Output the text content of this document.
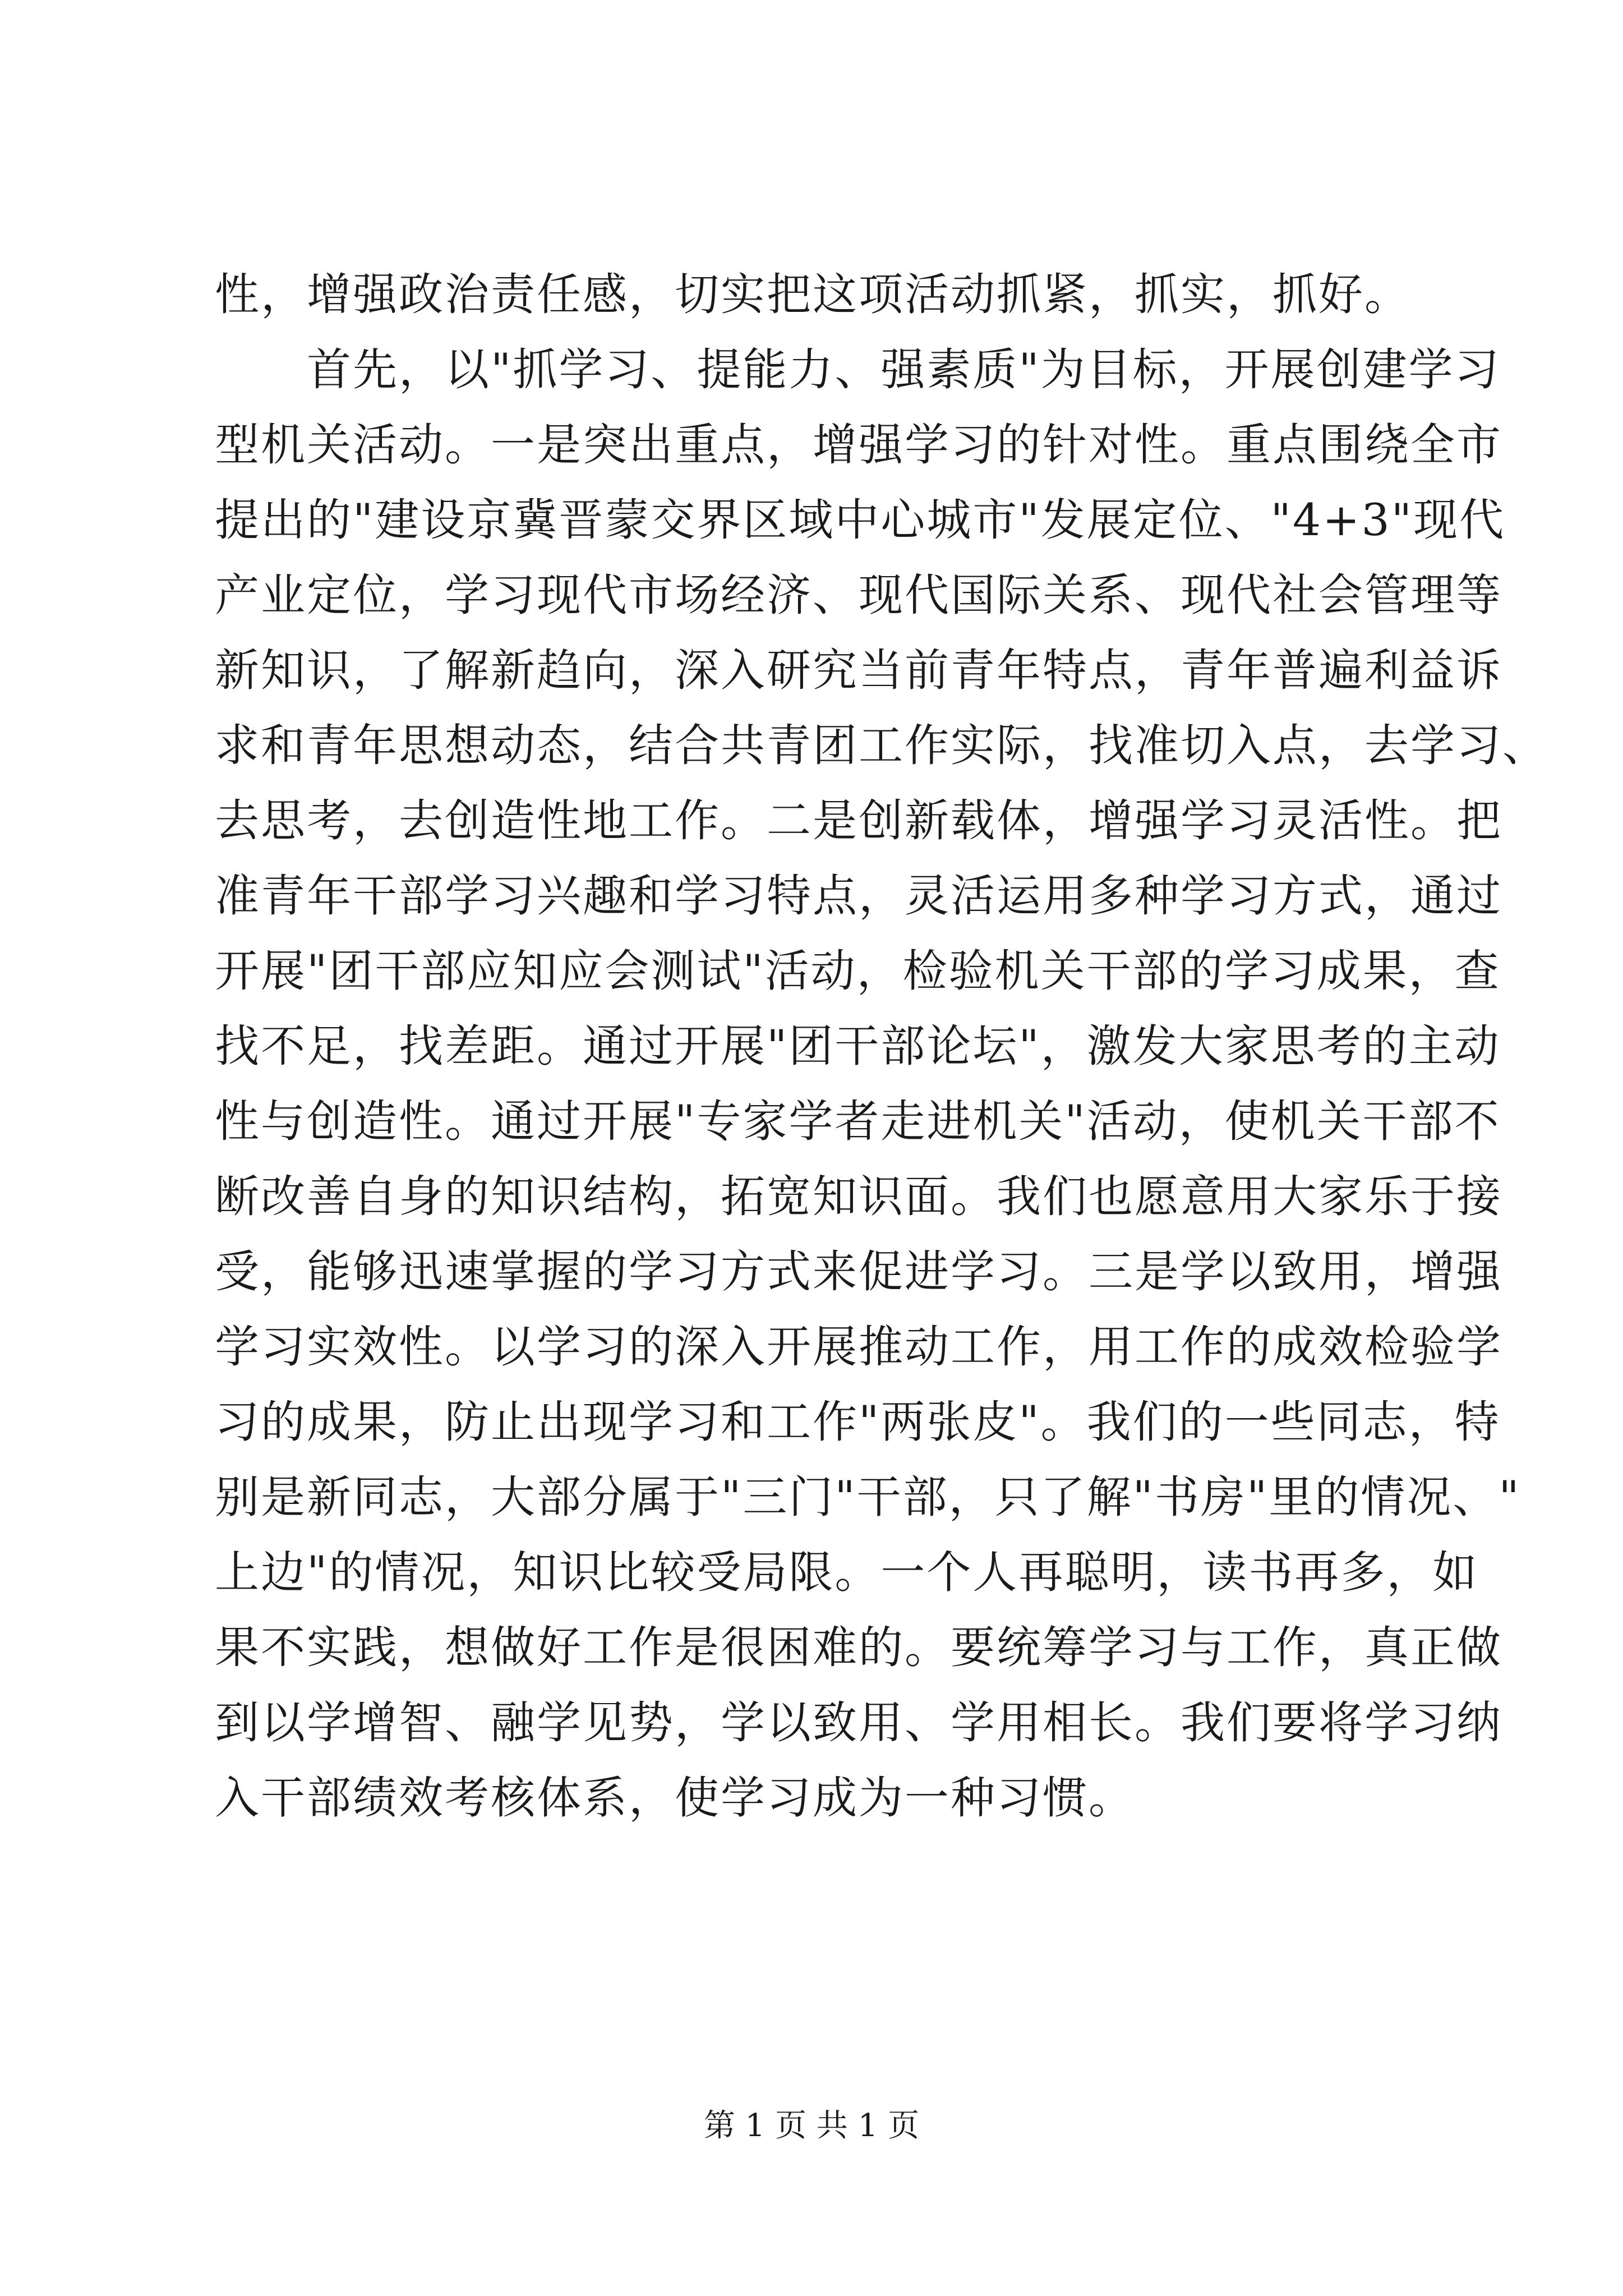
性，增强政治责任感，切实把这项活动抓紧，抓实，抓好。
　　首先，以"抓学习、提能力、强素质"为目标，开展创建学习
型机关活动。一是突出重点，增强学习的针对性。重点围绕全市
提出的"建设京冀晋蒙交界区域中心城市"发展定位、"4+3"现代
产业定位，学习现代市场经济、现代国际关系、现代社会管理等
新知识，了解新趋向，深入研究当前青年特点，青年普遍利益诉
求和青年思想动态，结合共青团工作实际，找准切入点，去学习、
去思考，去创造性地工作。二是创新载体，增强学习灵活性。把
准青年干部学习兴趣和学习特点，灵活运用多种学习方式，通过
开展"团干部应知应会测试"活动，检验机关干部的学习成果，查
找不足，找差距。通过开展"团干部论坛"，激发大家思考的主动
性与创造性。通过开展"专家学者走进机关"活动，使机关干部不
断改善自身的知识结构，拓宽知识面。我们也愿意用大家乐于接
受，能够迅速掌握的学习方式来促进学习。三是学以致用，增强
学习实效性。以学习的深入开展推动工作，用工作的成效检验学
习的成果，防止出现学习和工作"两张皮"。我们的一些同志，特
别是新同志，大部分属于"三门"干部，只了解"书房"里的情况、"
上边"的情况，知识比较受局限。一个人再聪明，读书再多，如
果不实践，想做好工作是很困难的。要统筹学习与工作，真正做
到以学增智、融学见势，学以致用、学用相长。我们要将学习纳
入干部绩效考核体系，使学习成为一种习惯。
第 1 页 共 1 页
